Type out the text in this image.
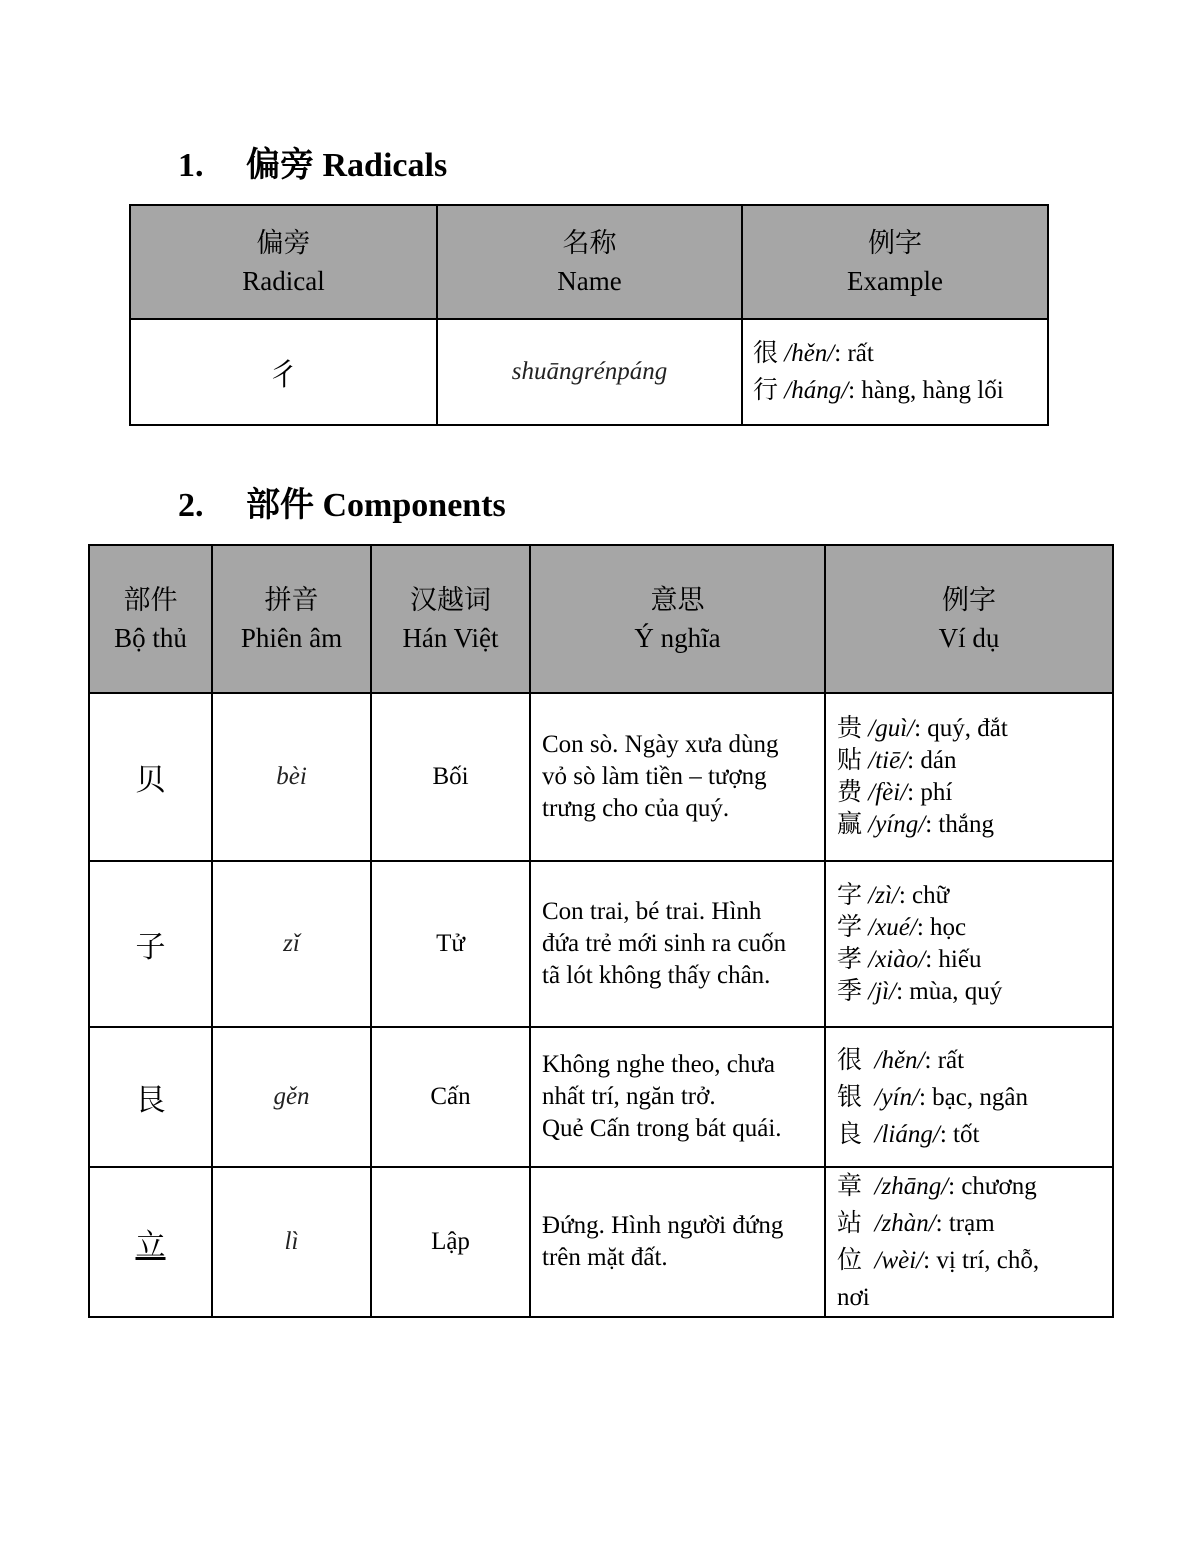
1. 偏旁 Radicals
偏旁
Radical	名称
Name	例字
Example

彳	shuāngrénpáng	很 /hěn/: rất
行 /háng/: hàng, hàng lối
2. 部件 Components
部件
Bộ thủ	拼音
Phiên âm	汉越词
Hán Việt	意思
Ý nghĩa	例字
Ví dụ

贝	bèi	Bối	Con sò. Ngày xưa dùng
vỏ sò làm tiền – tượng
trưng cho của quý.	贵 /guì/: quý, đắt
贴 /tiē/: dán
费 /fèi/: phí
赢 /yíng/: thắng

子	zǐ	Tử	Con trai, bé trai. Hình
đứa trẻ mới sinh ra cuốn
tã lót không thấy chân.	字 /zì/: chữ
学 /xué/: học
孝 /xiào/: hiếu
季 /jì/: mùa, quý

艮	gěn	Cấn	Không nghe theo, chưa
nhất trí, ngăn trở.
Quẻ Cấn trong bát quái.	很 /hěn/: rất
银 /yín/: bạc, ngân
良 /liáng/: tốt

立	lì	Lập	Đứng. Hình người đứng
trên mặt đất.	章 /zhāng/: chương
站 /zhàn/: trạm
位 /wèi/: vị trí, chỗ,
nơi
